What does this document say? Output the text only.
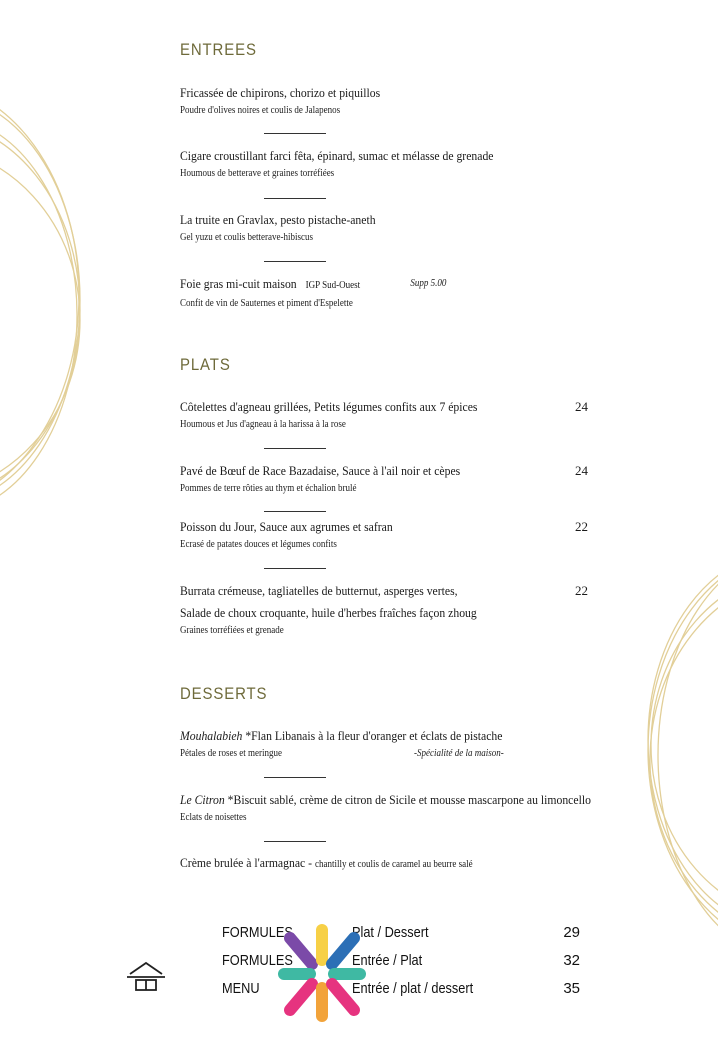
ENTREES
Fricassée de chipirons, chorizo et piquillos
Poudre d'olives noires et coulis de Jalapenos
Cigare croustillant farci fêta, épinard, sumac et mélasse de grenade
Houmous de betterave et graines torréfiées
La truite en Gravlax, pesto pistache-aneth
Gel yuzu et coulis betterave-hibiscus
Foie gras mi-cuit maison IGP Sud-Ouest	Supp 5.00
Confit de vin de Sauternes et piment d'Espelette
PLATS
Côtelettes d'agneau grillées, Petits légumes confits aux 7 épices
Houmous et Jus d'agneau à la harissa à la rose
24
Pavé de Bœuf de Race Bazadaise, Sauce à l'ail noir et cèpes
Pommes de terre rôties au thym et échalion brulé
24
Poisson du Jour, Sauce aux agrumes et safran
Ecrasé de patates douces et légumes confits
22
Burrata crémeuse, tagliatelles de butternut, asperges vertes,
Salade de choux croquante, huile d'herbes fraîches façon zhoug
Graines torréfiées et grenade
22
DESSERTS
Mouhalabieh *Flan Libanais à la fleur d'oranger et éclats de pistache
Pétales de roses et meringue	-Spécialité de la maison-
Le Citron *Biscuit sablé, crème de citron de Sicile et mousse mascarpone au limoncello
Eclats de noisettes
Crème brulée à l'armagnac - chantilly et coulis de caramel au beurre salé
FORMULES	Plat / Dessert	29
FORMULES	Entrée / Plat	32
MENU	Entrée / plat / dessert	35
